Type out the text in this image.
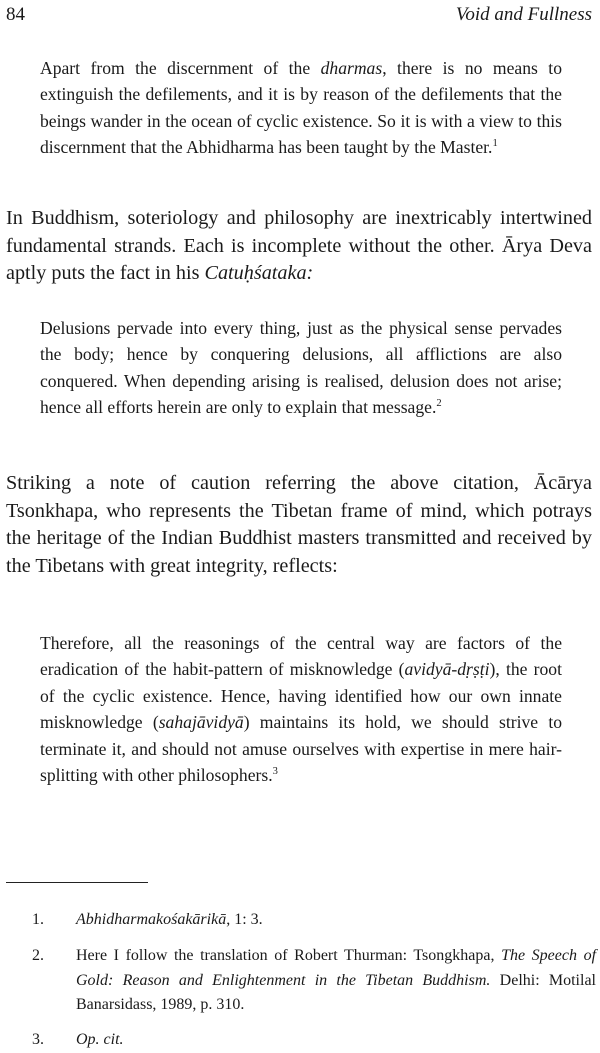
84	Void and Fullness
Apart from the discernment of the dharmas, there is no means to extinguish the defilements, and it is by reason of the defilements that the beings wander in the ocean of cyclic existence. So it is with a view to this discernment that the Abhidharma has been taught by the Master.$^1$
In Buddhism, soteriology and philosophy are inextricably intertwined fundamental strands. Each is incomplete without the other. Ārya Deva aptly puts the fact in his Catuḥśataka:
Delusions pervade into every thing, just as the physical sense pervades the body; hence by conquering delusions, all afflictions are also conquered. When depending arising is realised, delusion does not arise; hence all efforts herein are only to explain that message.$^2$
Striking a note of caution referring the above citation, Ācārya Tsonkhapa, who represents the Tibetan frame of mind, which potrays the heritage of the Indian Buddhist masters transmitted and received by the Tibetans with great integrity, reflects:
Therefore, all the reasonings of the central way are factors of the eradication of the habit-pattern of misknowledge (avidyā-dṛṣṭi), the root of the cyclic existence. Hence, having identified how our own innate misknowledge (sahajāvidyā) maintains its hold, we should strive to terminate it, and should not amuse ourselves with expertise in mere hair-splitting with other philosophers.$^3$
1. Abhidharmakośakārikā, 1: 3.
2. Here I follow the translation of Robert Thurman: Tsongkhapa, The Speech of Gold: Reason and Enlightenment in the Tibetan Buddhism. Delhi: Motilal Banarsidass, 1989, p. 310.
3. Op. cit.
